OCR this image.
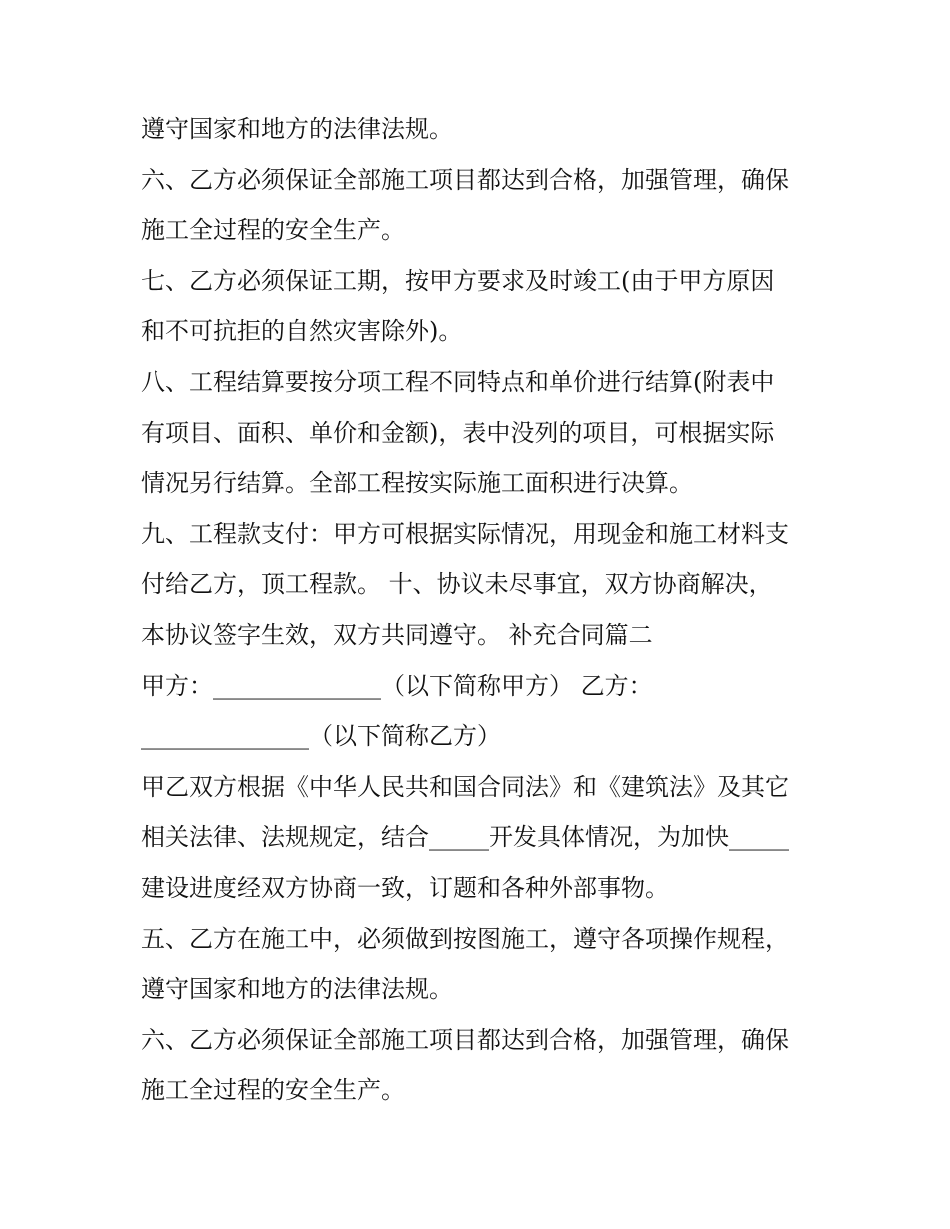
遵守国家和地方的法律法规。
六、乙方必须保证全部施工项目都达到合格，加强管理，确保
施工全过程的安全生产。
七、乙方必须保证工期，按甲方要求及时竣工(由于甲方原因
和不可抗拒的自然灾害除外)。
八、工程结算要按分项工程不同特点和单价进行结算(附表中
有项目、面积、单价和金额)，表中没列的项目，可根据实际
情况另行结算。全部工程按实际施工面积进行决算。
九、工程款支付：甲方可根据实际情况，用现金和施工材料支
付给乙方，顶工程款。 十、协议未尽事宜，双方协商解决，
本协议签字生效，双方共同遵守。 补充合同篇二
甲方：______________（以下简称甲方） 乙方：
______________（以下简称乙方）
甲乙双方根据《中华人民共和国合同法》和《建筑法》及其它
相关法律、法规规定，结合_____开发具体情况，为加快_____
建设进度经双方协商一致，订题和各种外部事物。
五、乙方在施工中，必须做到按图施工，遵守各项操作规程，
遵守国家和地方的法律法规。
六、乙方必须保证全部施工项目都达到合格，加强管理，确保
施工全过程的安全生产。
